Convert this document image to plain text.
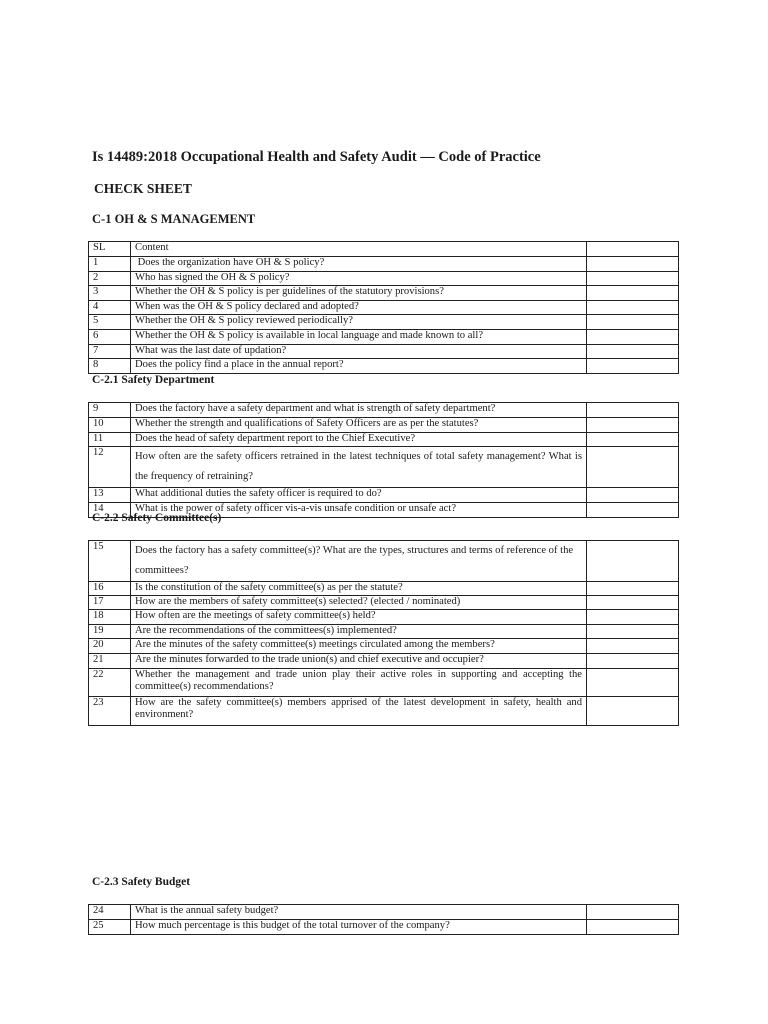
Is 14489:2018 Occupational Health and Safety Audit — Code of Practice
CHECK SHEET
C-1 OH & S MANAGEMENT
SL	Content	
1	Does the organization have OH & S policy?	
2	Who has signed the OH & S policy?	
3	Whether the OH & S policy is per guidelines of the statutory provisions?	
4	When was the OH & S policy declared and adopted?	
5	Whether the OH & S policy reviewed periodically?	
6	Whether the OH & S policy is available in local language and made known to all?	
7	What was the last date of updation?	
8	Does the policy find a place in the annual report?	
C-2.1 Safety Department
9	Does the factory have a safety department and what is strength of safety department?	
10	Whether the strength and qualifications of Safety Officers are as per the statutes?	
11	Does the head of safety department report to the Chief Executive?	
12	How often are the safety officers retrained in the latest techniques of total safety management? What is the frequency of retraining?	
13	What additional duties the safety officer is required to do?	
14	What is the power of safety officer vis-a-vis unsafe condition or unsafe act?	
C-2.2 Safety Committee(s)
15	Does the factory has a safety committee(s)? What are the types, structures and terms of reference of the committees?	
16	Is the constitution of the safety committee(s) as per the statute?	
17	How are the members of safety committee(s) selected? (elected / nominated)	
18	How often are the meetings of safety committee(s) held?	
19	Are the recommendations of the committees(s) implemented?	
20	Are the minutes of the safety committee(s) meetings circulated among the members?	
21	Are the minutes forwarded to the trade union(s) and chief executive and occupier?	
22	Whether the management and trade union play their active roles in supporting and accepting the committee(s) recommendations?	
23	How are the safety committee(s) members apprised of the latest development in safety, health and environment?	
C-2.3 Safety Budget
24	What is the annual safety budget?	
25	How much percentage is this budget of the total turnover of the company?	
